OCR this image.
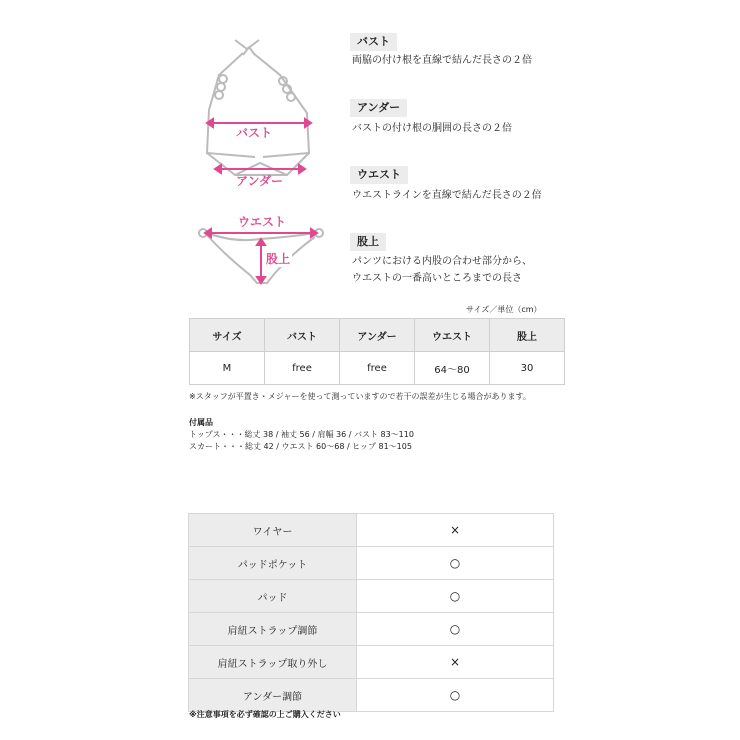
バスト
アンダー
ウエスト
股上
バスト
両脇の付け根を直線で結んだ長さの２倍
アンダー
バストの付け根の胴囲の長さの２倍
ウエスト
ウエストラインを直線で結んだ長さの２倍
股上
パンツにおける内股の合わせ部分から、
ウエストの一番高いところまでの長さ
サイズ／単位（cm）
サイズ	バスト	アンダー	ウエスト	股上
M	free	free	64〜80	30
※スタッフが平置き・メジャーを使って測っていますので若干の誤差が生じる場合があります。
付属品
トップス・・・総丈 38 / 袖丈 56 / 肩幅 36 / バスト 83〜110
スカート・・・総丈 42 / ウエスト 60〜68 / ヒップ 81〜105
ワイヤー	×
パッドポケット	○
パッド	○
肩紐ストラップ調節	○
肩紐ストラップ取り外し	×
アンダー調節	○
※注意事項を必ず確認の上ご購入ください
